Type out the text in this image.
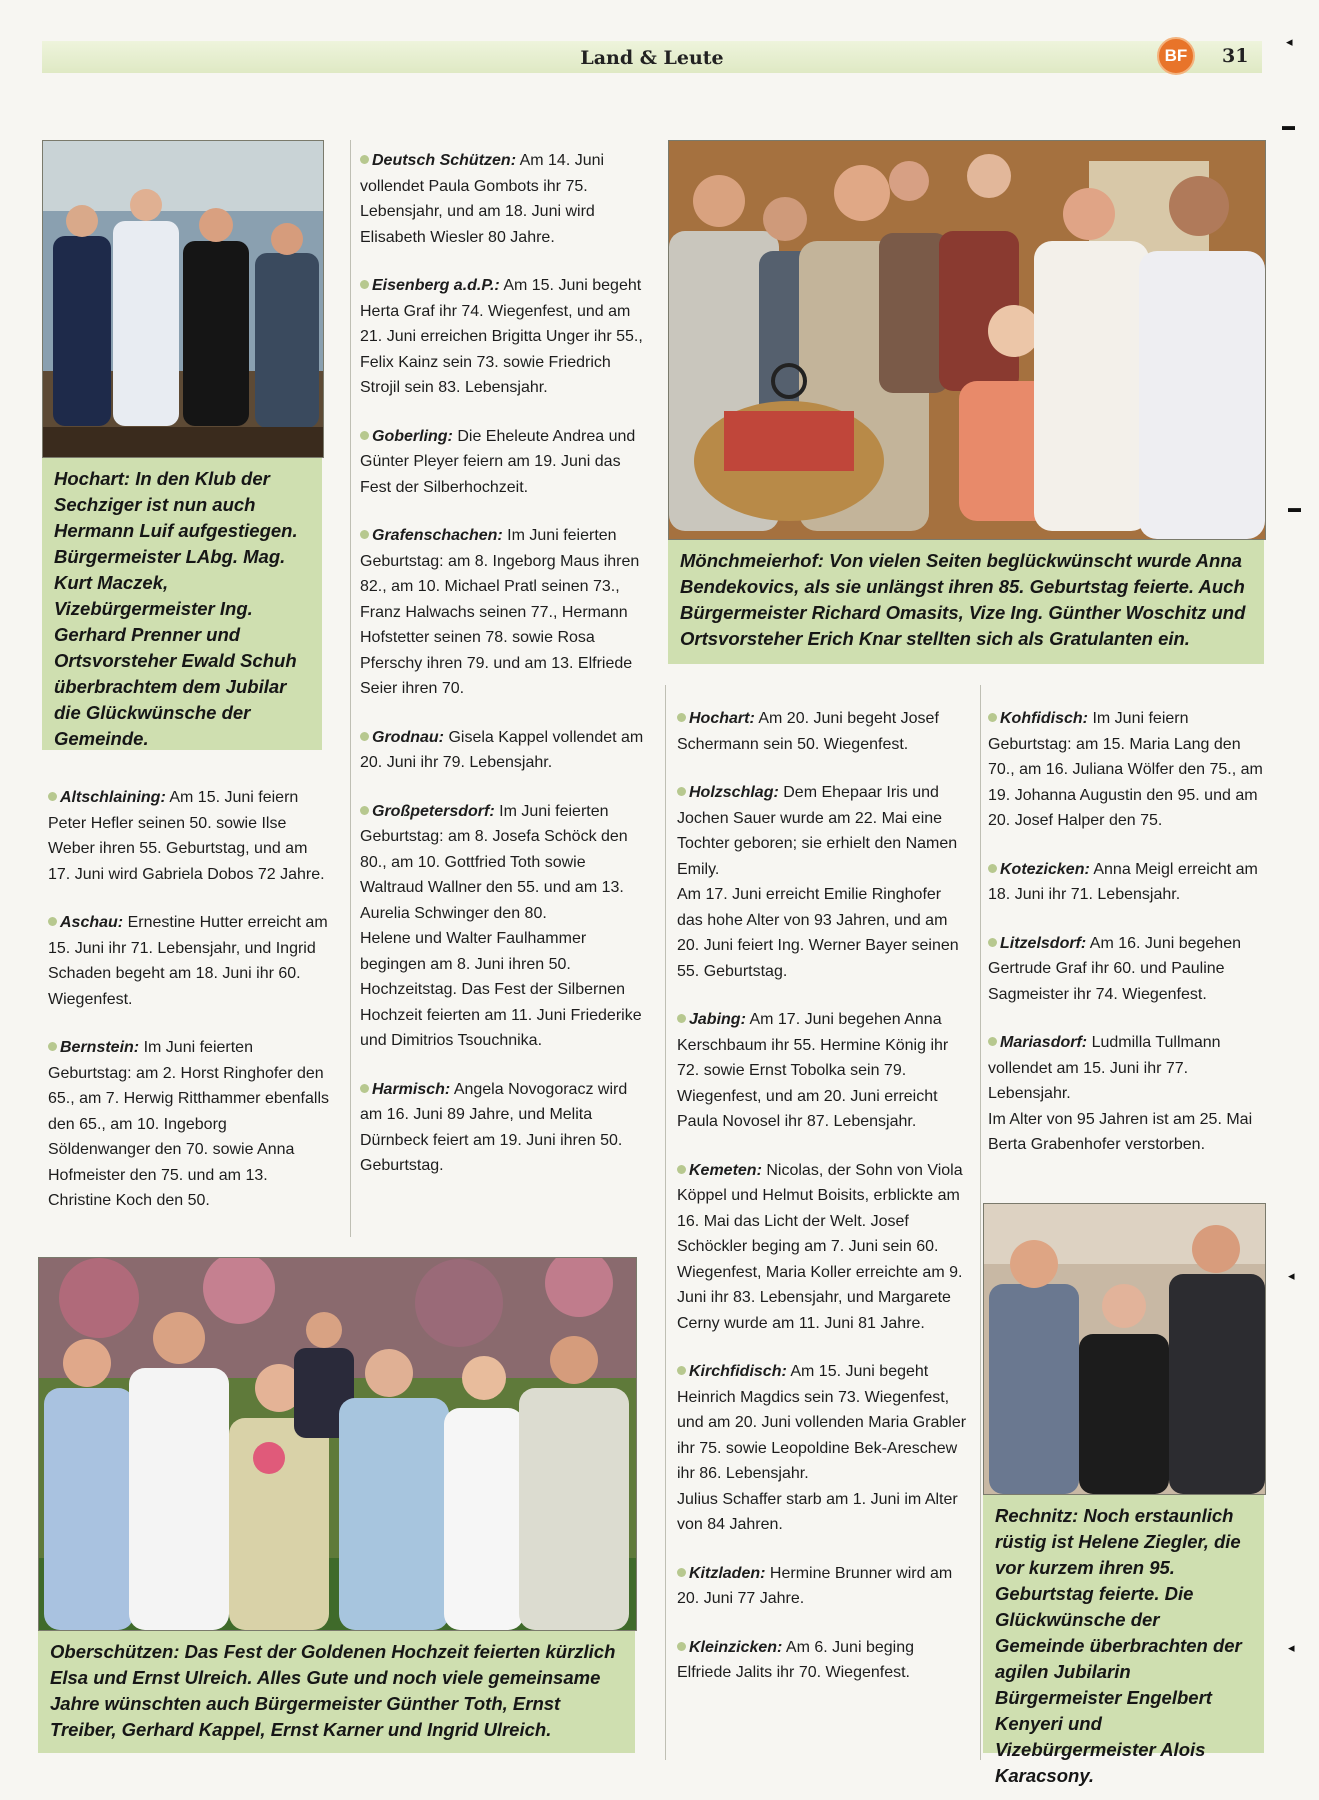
Land & Leute	BF	31
◂
▬
▬
◂
◂
Hochart: In den Klub der Sechziger ist nun auch Hermann Luif aufgestiegen. Bürgermeister LAbg. Mag. Kurt Maczek, Vizebürgermeister Ing. Gerhard Prenner und Ortsvorsteher Ewald Schuh überbrachtem dem Jubilar die Glückwünsche der Gemeinde.
Mönchmeierhof: Von vielen Seiten beglückwünscht wurde Anna Bendekovics, als sie unlängst ihren 85. Geburtstag feierte. Auch Bürgermeister Richard Omasits, Vize Ing. Günther Woschitz und Ortsvorsteher Erich Knar stellten sich als Gratulanten ein.
Oberschützen: Das Fest der Goldenen Hochzeit feierten kürzlich Elsa und Ernst Ulreich. Alles Gute und noch viele gemeinsame Jahre wünschten auch Bürgermeister Günther Toth, Ernst Treiber, Gerhard Kappel, Ernst Karner und Ingrid Ulreich.
Rechnitz: Noch erstaunlich rüstig ist Helene Ziegler, die vor kurzem ihren 95. Geburtstag feierte. Die Glückwünsche der Gemeinde überbrachten der agilen Jubilarin Bürgermeister Engelbert Kenyeri und Vizebürgermeister Alois Karacsony.

Altschlaining: Am 15. Juni feiern Peter Hefler seinen 50. sowie Ilse Weber ihren 55. Geburtstag, und am 17. Juni wird Gabriela Dobos 72 Jahre.

Aschau: Ernestine Hutter erreicht am 15. Juni ihr 71. Lebensjahr, und Ingrid Schaden begeht am 18. Juni ihr 60. Wiegenfest.

Bernstein: Im Juni feierten Geburtstag: am 2. Horst Ringhofer den 65., am 7. Herwig Ritthammer ebenfalls den 65., am 10. Ingeborg Söldenwanger den 70. sowie Anna Hofmeister den 75. und am 13. Christine Koch den 50.

Deutsch Schützen: Am 14. Juni vollendet Paula Gombots ihr 75. Lebensjahr, und am 18. Juni wird Elisabeth Wiesler 80 Jahre.

Eisenberg a.d.P.: Am 15. Juni begeht Herta Graf ihr 74. Wiegenfest, und am 21. Juni erreichen Brigitta Unger ihr 55., Felix Kainz sein 73. sowie Friedrich Strojil sein 83. Lebensjahr.

Goberling: Die Eheleute Andrea und Günter Pleyer feiern am 19. Juni das Fest der Silberhochzeit.

Grafenschachen: Im Juni feierten Geburtstag: am 8. Ingeborg Maus ihren 82., am 10. Michael Pratl seinen 73., Franz Halwachs seinen 77., Hermann Hofstetter seinen 78. sowie Rosa Pferschy ihren 79. und am 13. Elfriede Seier ihren 70.

Grodnau: Gisela Kappel vollendet am 20. Juni ihr 79. Lebensjahr.

Großpetersdorf: Im Juni feierten Geburtstag: am 8. Josefa Schöck den 80., am 10. Gottfried Toth sowie Waltraud Wallner den 55. und am 13. Aurelia Schwinger den 80.

Helene und Walter Faulhammer begingen am 8. Juni ihren 50. Hochzeitstag. Das Fest der Silbernen Hochzeit feierten am 11. Juni Friederike und Dimitrios Tsouchnika.

Harmisch: Angela Novogoracz wird am 16. Juni 89 Jahre, und Melita Dürnbeck feiert am 19. Juni ihren 50. Geburtstag.

Hochart: Am 20. Juni begeht Josef Schermann sein 50. Wiegenfest.

Holzschlag: Dem Ehepaar Iris und Jochen Sauer wurde am 22. Mai eine Tochter geboren; sie erhielt den Namen Emily.

Am 17. Juni erreicht Emilie Ringhofer das hohe Alter von 93 Jahren, und am 20. Juni feiert Ing. Werner Bayer seinen 55. Geburtstag.

Jabing: Am 17. Juni begehen Anna Kerschbaum ihr 55. Hermine König ihr 72. sowie Ernst Tobolka sein 79. Wiegenfest, und am 20. Juni erreicht Paula Novosel ihr 87. Lebensjahr.

Kemeten: Nicolas, der Sohn von Viola Köppel und Helmut Boisits, erblickte am 16. Mai das Licht der Welt. Josef Schöckler beging am 7. Juni sein 60. Wiegenfest, Maria Koller erreichte am 9. Juni ihr 83. Lebensjahr, und Margarete Cerny wurde am 11. Juni 81 Jahre.

Kirchfidisch: Am 15. Juni begeht Heinrich Magdics sein 73. Wiegenfest, und am 20. Juni vollenden Maria Grabler ihr 75. sowie Leopoldine Bek-Areschew ihr 86. Lebensjahr.

Julius Schaffer starb am 1. Juni im Alter von 84 Jahren.

Kitzladen: Hermine Brunner wird am 20. Juni 77 Jahre.

Kleinzicken: Am 6. Juni beging Elfriede Jalits ihr 70. Wiegenfest.

Kohfidisch: Im Juni feiern Geburtstag: am 15. Maria Lang den 70., am 16. Juliana Wölfer den 75., am 19. Johanna Augustin den 95. und am 20. Josef Halper den 75.

Kotezicken: Anna Meigl erreicht am 18. Juni ihr 71. Lebensjahr.

Litzelsdorf: Am 16. Juni begehen Gertrude Graf ihr 60. und Pauline Sagmeister ihr 74. Wiegenfest.

Mariasdorf: Ludmilla Tullmann vollendet am 15. Juni ihr 77. Lebensjahr.

Im Alter von 95 Jahren ist am 25. Mai Berta Grabenhofer verstorben.
